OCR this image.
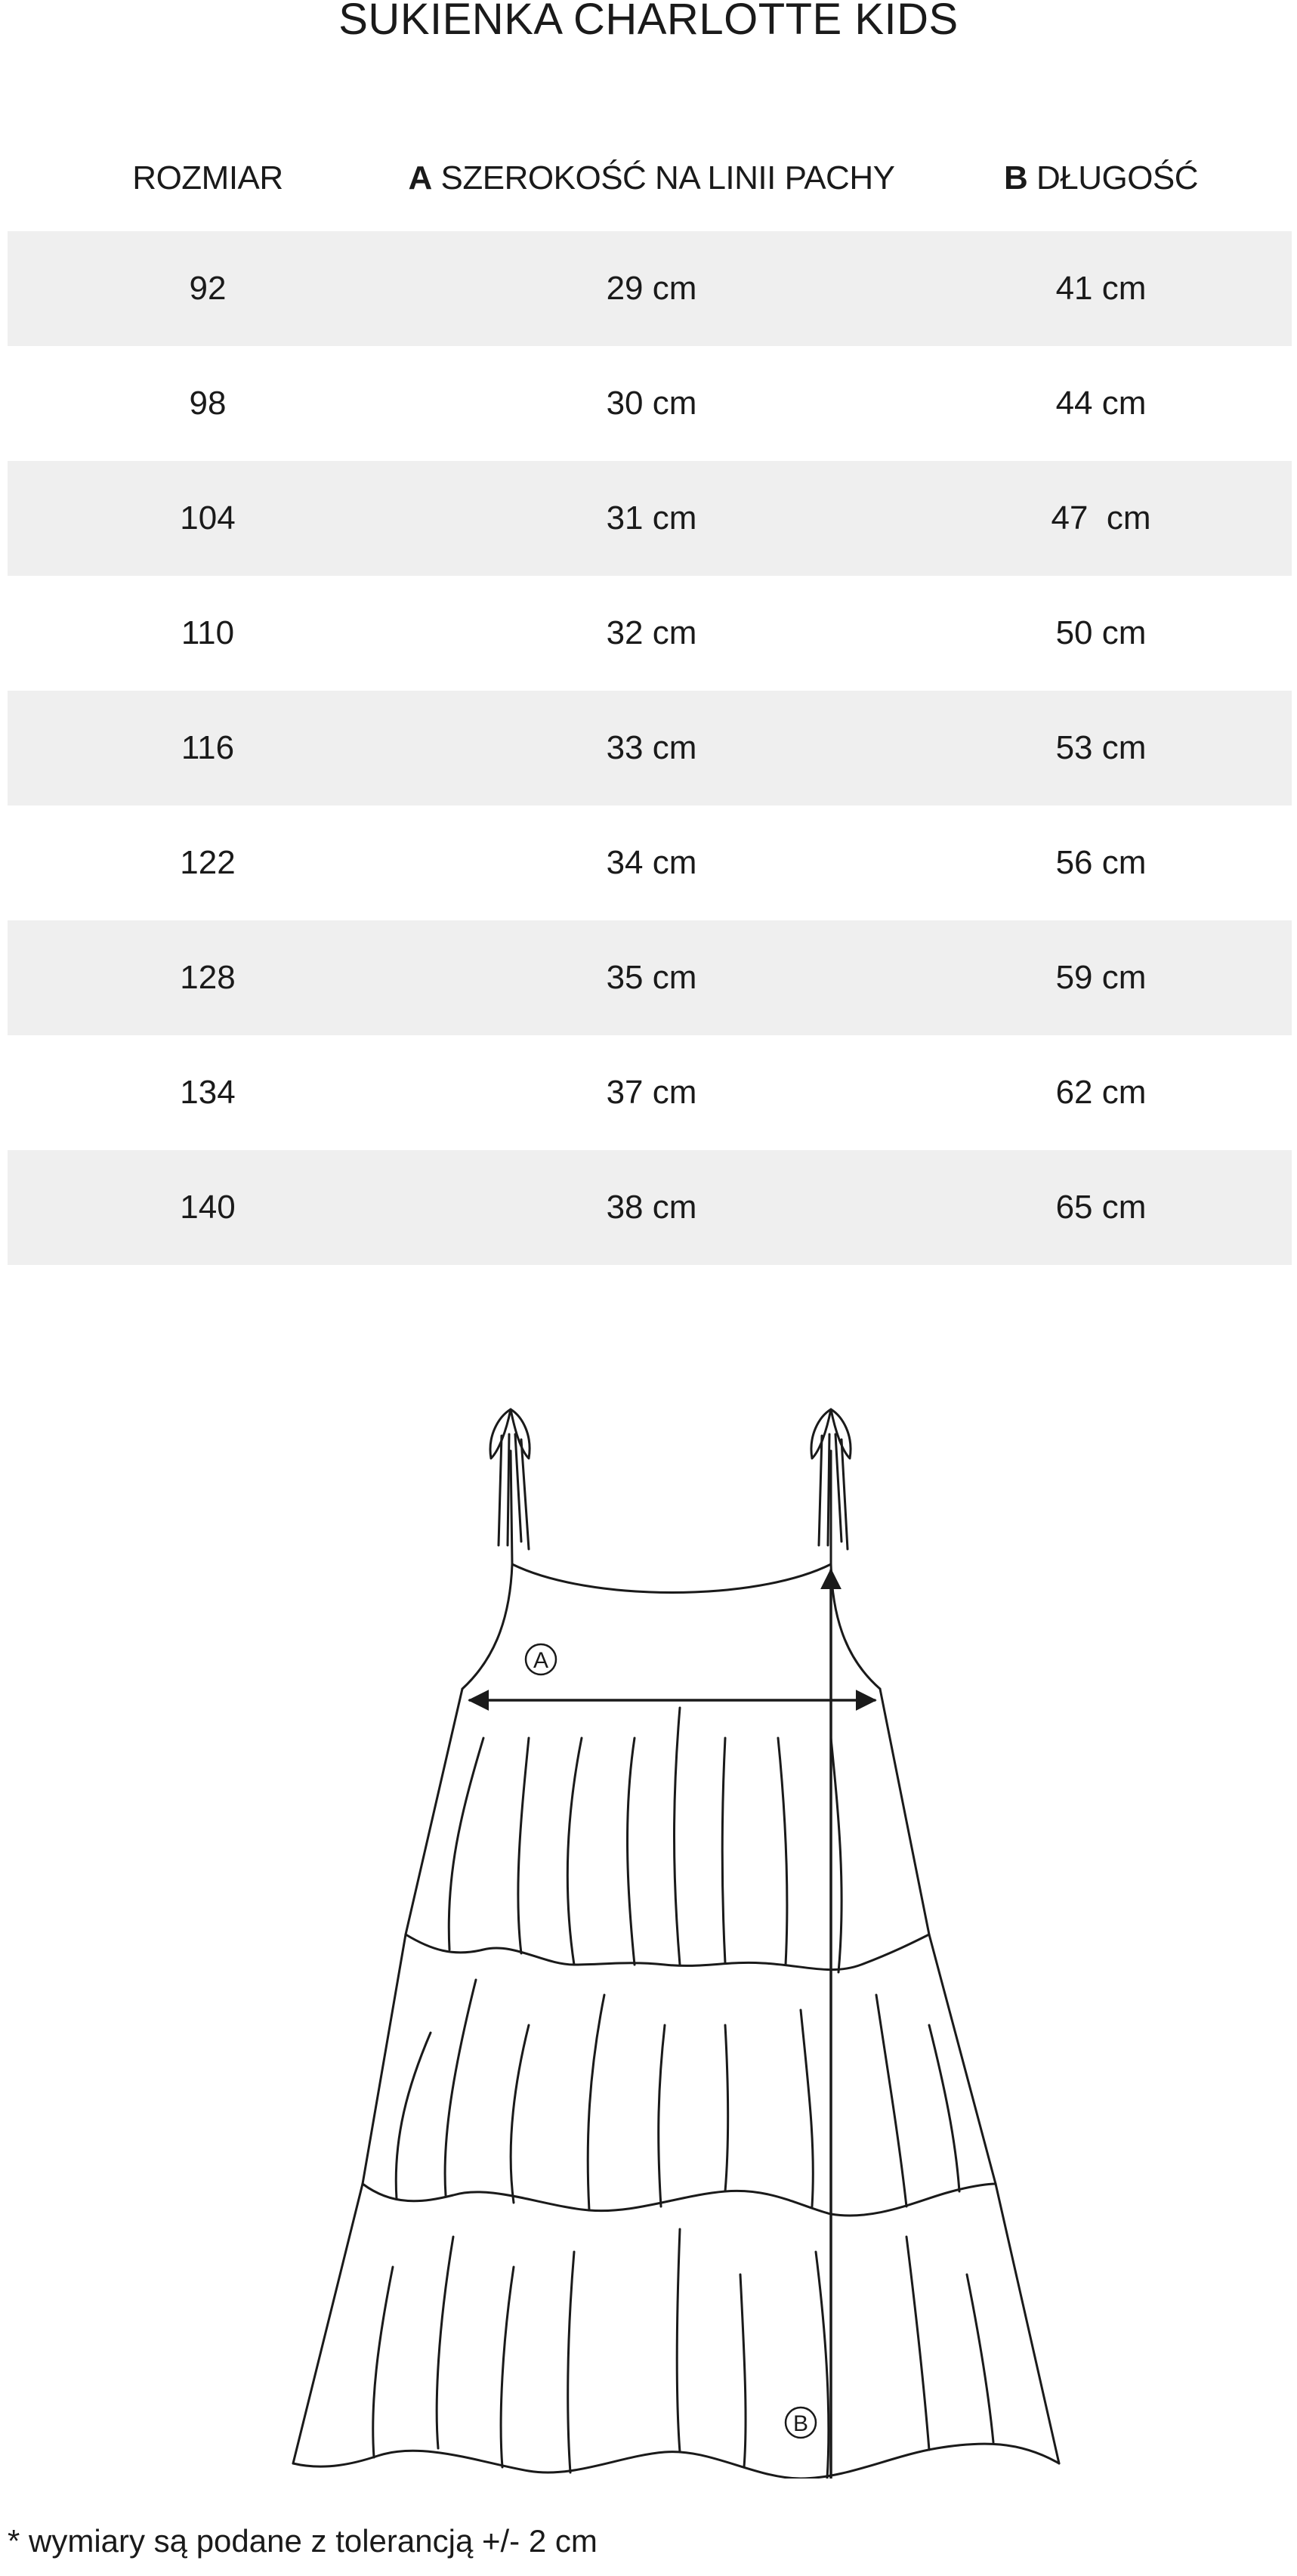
SUKIENKA CHARLOTTE KIDS
ROZMIAR	A SZEROKOŚĆ NA LINII PACHY	B DŁUGOŚĆ
92	29 cm	41 cm
98	30 cm	44 cm
104	31 cm	47  cm
110	32 cm	50 cm
116	33 cm	53 cm
122	34 cm	56 cm
128	35 cm	59 cm
134	37 cm	62 cm
140	38 cm	65 cm
A
B
* wymiary są podane z tolerancją +/- 2 cm
